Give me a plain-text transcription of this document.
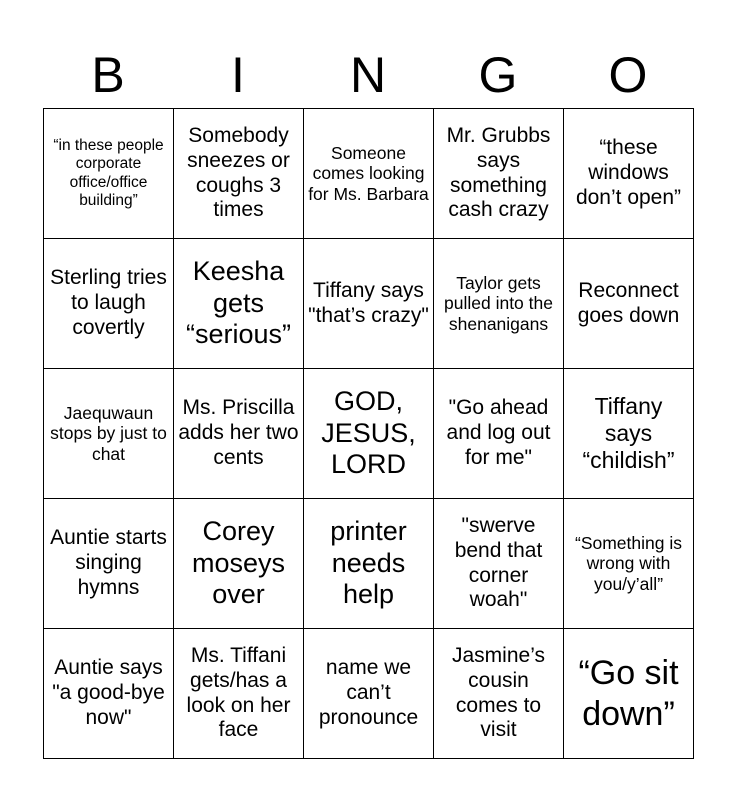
B	I	N	G	O
“in these people corporate office/office building”	Somebody sneezes or coughs 3 times	Someone comes looking for Ms. Barbara	Mr. Grubbs says something cash crazy	“these windows don’t open”
Sterling tries to laugh covertly	Keesha gets “serious”	Tiffany says "that’s crazy"	Taylor gets pulled into the shenanigans	Reconnect goes down
Jaequwaun stops by just to chat	Ms. Priscilla adds her two cents	GOD, JESUS, LORD	"Go ahead and log out for me"	Tiffany says “childish”
Auntie starts singing hymns	Corey moseys over	printer needs help	"swerve bend that corner woah"	“Something is wrong with you/y’all”
Auntie says "a good-bye now"	Ms. Tiffani gets/has a look on her face	name we can’t pronounce	Jasmine’s cousin comes to visit	“Go sit down”
